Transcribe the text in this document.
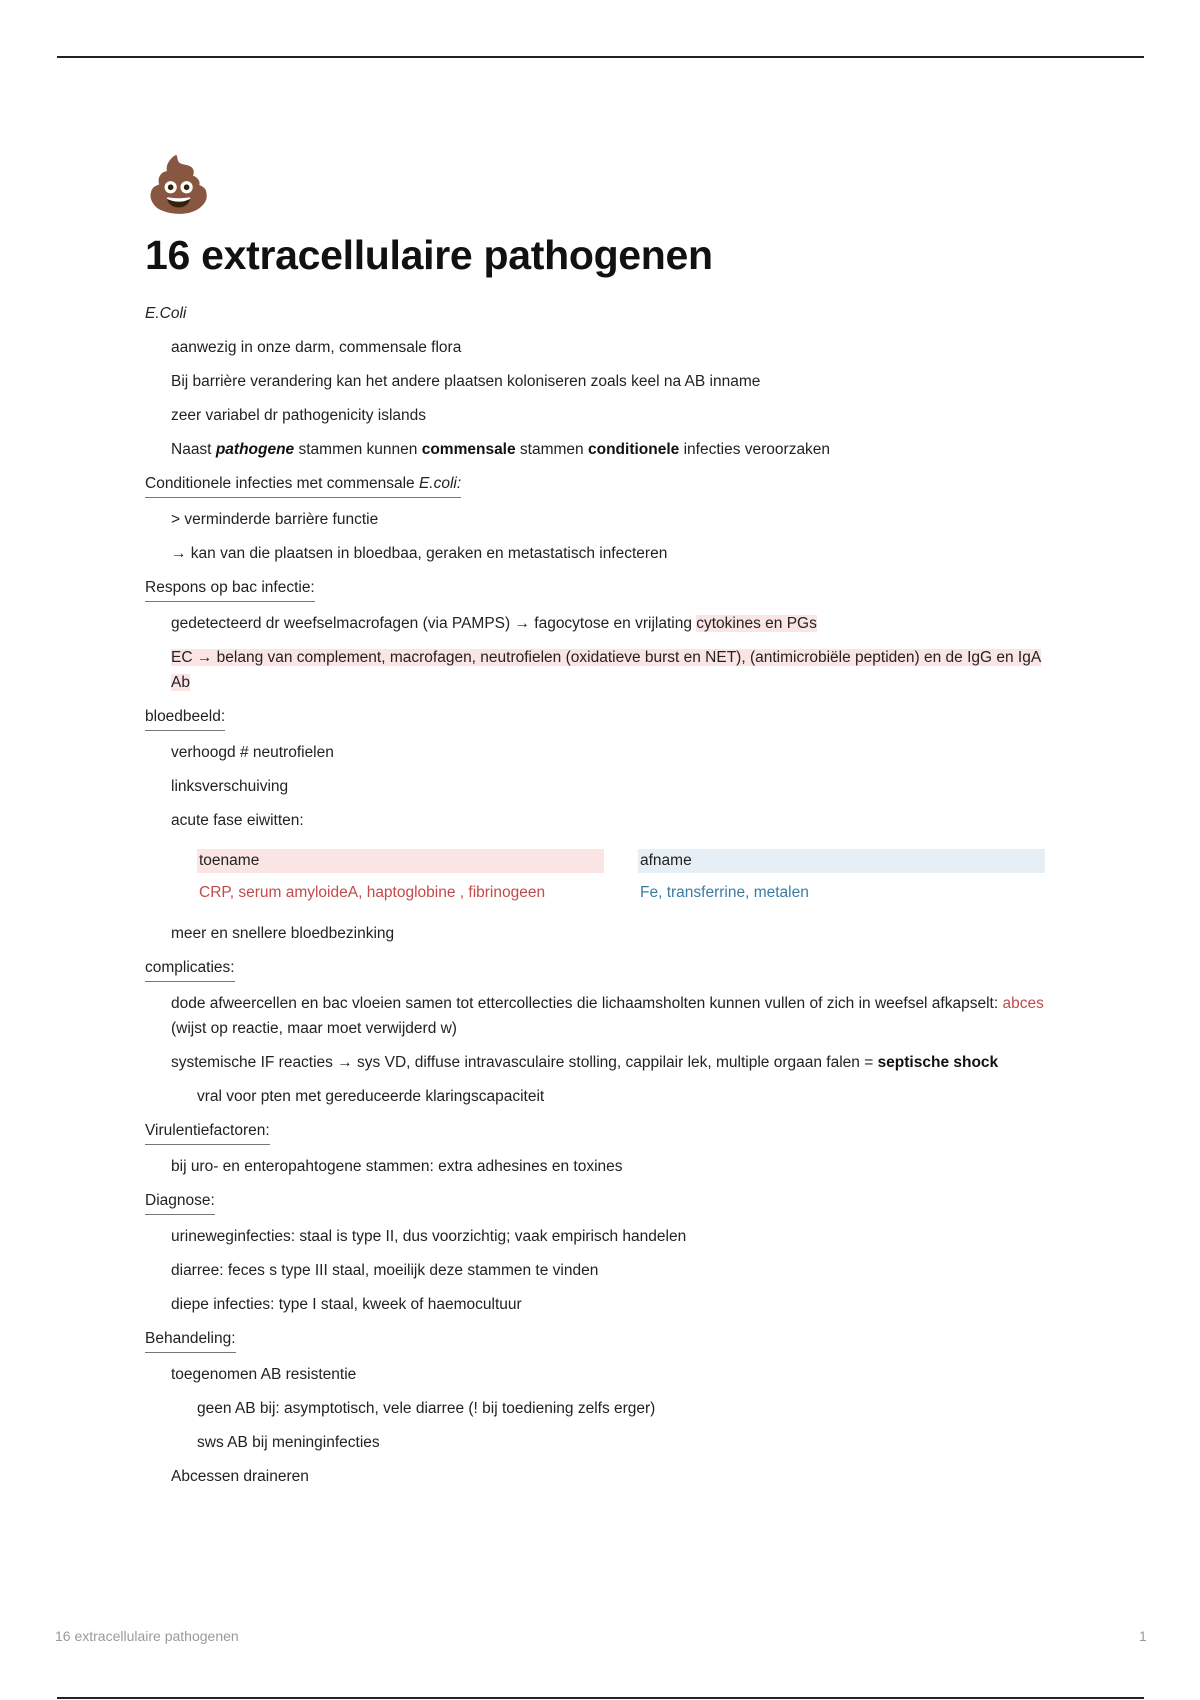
💩
16 extracellulaire pathogenen
E.Coli
aanwezig in onze darm, commensale flora
Bij barrière verandering kan het andere plaatsen koloniseren zoals keel na AB inname
zeer variabel dr pathogenicity islands
Naast pathogene stammen kunnen commensale stammen conditionele infecties veroorzaken
Conditionele infecties met commensale E.coli:
> verminderde barrière functie
→ kan van die plaatsen in bloedbaa, geraken en metastatisch infecteren
Respons op bac infectie:
gedetecteerd dr weefselmacrofagen (via PAMPS) → fagocytose en vrijlating cytokines en PGs
EC → belang van complement, macrofagen, neutrofielen (oxidatieve burst en NET), (antimicrobiële peptiden) en de IgG en IgA Ab
bloedbeeld:
verhoogd # neutrofielen
linksverschuiving
acute fase eiwitten:
toename
CRP, serum amyloideA, haptoglobine , fibrinogeen
afname
Fe, transferrine, metalen
meer en snellere bloedbezinking
complicaties:
dode afweercellen en bac vloeien samen tot ettercollecties die lichaamsholten kunnen vullen of zich in weefsel afkapselt: abces (wijst op reactie, maar moet verwijderd w)
systemische IF reacties → sys VD, diffuse intravasculaire stolling, cappilair lek, multiple orgaan falen = septische shock
vral voor pten met gereduceerde klaringscapaciteit
Virulentiefactoren:
bij uro- en enteropahtogene stammen: extra adhesines en toxines
Diagnose:
urineweginfecties: staal is type II, dus voorzichtig; vaak empirisch handelen
diarree: feces s type III staal, moeilijk deze stammen te vinden
diepe infecties: type I staal, kweek of haemocultuur
Behandeling:
toegenomen AB resistentie
geen AB bij: asymptotisch, vele diarree (! bij toediening zelfs erger)
sws AB bij meninginfecties
Abcessen draineren
16 extracellulaire pathogenen	1
